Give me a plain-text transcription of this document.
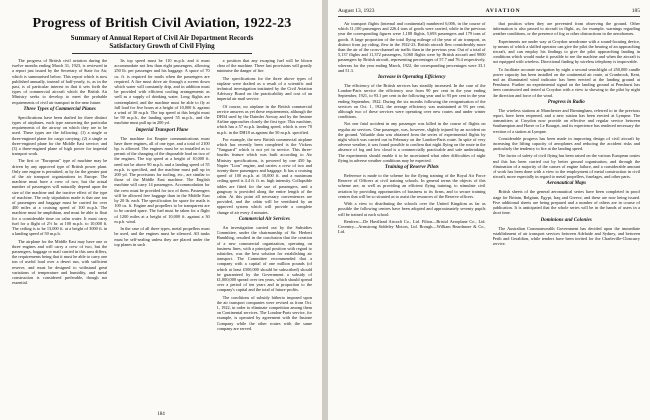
Progress of British Civil Aviation, 1922-23
Summary of Annual Report of Civil Air Department Records
Satisfactory Growth of Civil Flying

The progress of British civil aviation during the twelve months ending March 31, 1923, is reviewed in a report just issued by the Secretary of State for Air, which is summarised below. This report which is now published annually, instead of half-yearly, is, as in the past, is of particular interest in that it sets forth the types of commercial aircraft which the British Air Ministry seeks to develop to meet the probable requirements of civil air transport in the near future.

Three Types of Commercial Planes

Specifications have been drafted for three distinct types of airplanes, each type answering the particular requirements of the airway on which they are to be used. These types are the following: (1) a single or three-engined plane for cargo carrying; (2) a single or three-engined plane for the Middle East service; and (3) a three-engined plane of high power for imperial transport work.

The first or "European" type of machine may be driven by any approved type of British power plant. Only one engine is permitted, as by far the greater part of the air transport organizations in Europe. The machine must have a crew of two, but the actual number of passengers will naturally depend upon the size of the machine and the tractive effect of the type of machine. The only stipulation made is that one ton of passengers and baggage must be carried for over 400 miles at a cruising speed of 100 m.p.h. The machine must be amphibian, and must be able to float for a considerable time on calm water. It must carry fuel for a flight of 2½ hr. at 100 m.p.h. to 10,000 ft. The ceiling is to be 13,000 ft. at a height of 3000 ft. in a landing speed of 50 m.p.h.

The airplane for the Middle East may have one or three engines and will carry a crew of two, but the passengers, baggage or mail carried in this area differs, the requirements being that it must be able to carry one ton of useful load over a desert run, with sufficient reserve, and must be designed to withstand great variations of temperature and humidity, and metal construction is considered preferable, though not essential.

Its top speed must be 110 m.p.h. and it must accommodate not less than eight passengers, allowing 250 lb. per passenger and his baggage. A space of 70 cu. ft. is required for mails when the passengers are required. A fire must drive air through a screen down which water will constantly drip, and in addition must be provided with efficient cooling arrangements as well as a supply of drinking water. Long flights are contemplated, and the machine must be able to fly at full load for five hours at a height of 10,000 ft. against a wind of 30 m.p.h. The top speed at this height must be 90 m.p.h., the landing speed 55 m.p.h., and the machine must pull up in 200 yd.

Imperial Transport Plane

The machine for Empire communications must have three engines, all of one type, and a total of 2100 hp. is allowed. The engines must be so installed as to permit of the changing of the disposable load on two of the engines. The top speed at a height of 10,000 ft. need not be above 90 m.p.h. and a landing speed of 55 m.p.h. is specified, and the machine must pull up in 200 yd. The provisions for tooling, etc., are similar to those of the Middle East machine. The English machine will carry 14 passengers. Accommodation for the crew must be provided for two of them. Passengers will be allowed free baggage than in the Middle East by 20 lb. each. The specification for space for mails is 100 cu. ft. Engine and propellers to be transparent are to be carried spare. The fuel must be taken for a flight of 1200 miles at a height of 10,000 ft. against a 30 m.p.h. wind.

In the case of all three types, metal propellers must be used, and the engines must be silenced. All tanks must be self-sealing unless they are placed under the top planes in such

a position that any escaping fuel will be blown clear of the machine. There last provisions will greatly minimise the danger of fire.

The specifications for the three above types of airplane were drafted as a result of a scientific and technical investigation instituted by the Civil Aviation Advisory Board on the practicability and cost of an imperial air mail service.

Of course, no airplane in the British commercial service answers as yet these requirements, although the DH34 used by the Daimler Airway and by the Instone Airline approaches closely the first type. This machine, which has a 57 m.p.h. landing speed, which is over 70 m.p.h. in the DH18 as against the 50 m.p.h. specified.

For example, the new British commercial airplane which has recently been completed is the Vickers "Vanguard" which is not yet in service. This three-fourths feature which was built according to Air Ministry specifications, is powered by one 450 hp. Napier "Lion" engine, and carries a crew of two and twenty-three passengers and baggage. It has a cruising speed of 100 m.p.h. at 10,000 ft. and a maximum ceiling speed is 4.4 ft. ft. m. high intensity. Collapsible tables are fitted for the use of passengers, and a gangway is provided along the entire length of the cabin. At this point all necessary conveniences are provided, and the cabin will be ventilated by an approved system which will provide a complete change of air every 4 minutes.

Commercial Air Services

An investigation carried out by the Subsidies Committee, under the chairmanship of Sir. Herbert Hambling, resulted in the conclusion that the creation of a new commercial organization, operating on business lines, with a principal position with regard to subsidies, was the best solution for establishing air transport. The Committee recommended that a company with a capital of one million pounds (of which at least £500,000 should be subscribed) should be guaranteed by the Government a subsidy of £1,000,000 spread over ten years, which should spread over a period of ten years and in proportion to the company's capital and the total of future profits.

The conditions of subsidy hitherto imposed upon the air transport companies were revised as from Oct. 1, 1922, in order to eliminate competition among them on Continental services. The London-Paris service, for example, is operated by agreement with the Instone Company while the other routes with the same company are served.

184
August 13, 1923	AVIATION	185

Air transport flights (internal and continental) numbered 6,006, in the course of which 11,100 passengers and 226.4 tons of goods were carried, while in the previous year the corresponding figures were 1,188 flights, 5,693 passengers and 179 tons of goods. A large proportion of the total flying mileage of the year of air transport, as distinct from joy riding, flew in the 1922-23. British aircraft flew considerably more than the air of the cross-channel air traffic than in the previous year. Out of a total of 5,137 flights and 11,372 passengers, 5,060 flights were by British aircraft and 9000 passengers by British aircraft, representing percentages of 57.7 and 76.4 respectively, whereas for the year ending March, 1922, the corresponding percentages were 33.1 and 51.3.

Increase in Operating Efficiency

The efficiency of the British services has steadily increased. In the case of the London-Paris service the efficiency rose from 90 per cent in the year ending September, 1921, to 93.1 per cent in the following year and to 93 per cent in the year ending September, 1922. During the six months following the reorganisation of the services on Oct. 1, 1922, the average efficiency was maintained at 93 per cent, although two of these services were operating over new routes and under winter conditions.

Not one fatal accident in any passenger was killed in the course of flights on regular air services. One passenger, was, however, slightly injured by an accident on the ground. Valuable data was obtained from the series of experimental flights by night which was carried out in February on the London-Paris route. In spite of very adverse weather, it was found possible to confirm that night flying on the route in the absence of fog and low cloud is a commercially practicable and safe undertaking. The experiments should enable it to be ascertained what other difficulties of night flying in adverse weather conditions may be expected.

Training of Reserve Pilots

Reference is made to the scheme for the flying training of the Royal Air Force Reserve of Officers at civil training schools. In general terms the objects of this scheme are, as well as providing an efficient flying training, to stimulate civil aviation by providing opportunities of business to its firms, and to secure training centres that will be so situated as to assist the resources of the Reserve officers.

With a view to distributing the schools over the United Kingdom as far as possible the following centres have been adopted and approximately seventy pupils will be trained at each school:

Renfrew—De Havilland Aircraft Co., Ltd. Filton—Bristol Aeroplane Co., Ltd. Coventry—Armstrong Siddeley Motors, Ltd. Brough—William Beardmore & Co., Ltd.

that position when they are prevented from observing the ground. Other information is also passed to aircraft in flight, as, for example, warnings regarding weather conditions, or the presence of fog or other obstructions in the aerodromes.

Experiments are under way at Croydon aerodrome with a sound-locating device, by means of which a skilled operator can give the pilot the bearing of an approaching aircraft, and can employ his findings to give the pilot approaching landing in conditions which would make it possible to see the machine and when the aircraft is not equipped with wireless. Directional finding by wireless telephony is improvable.

To facilitate accurate navigation by night a second searchlight of 250,000 candle power capacity has been installed on the continental air route, at Cranbrook, Kent, and an illuminated wind indicator has been erected at the landing ground at Penshurst. Further an experimental signal on the landing ground at Penshurst has been constructed and tested at Croydon with a view to showing to the pilot by night the direction and force of the wind.

Progress in Radio

The wireless stations at Manchester and Birmingham, referred to in the previous report, have been reopened, and a new station has been erected at Lympne. The transmitters at Croydon now provide an effective and regular service between Southampton and Havre or Le Bourget, and its experience has rendered necessary the erection of a station at Lympne.

Considerable progress has been made in improving design of civil aircraft by increasing the lifting capacity of aeroplanes and reducing the accident risks and particularly the tendency to fire at the landing speed.

The factor of safety of civil flying has been raised on the various European routes and this has been carried out by better ground organisation, and through the elimination of a majority of the causes of engine failure, and a considerable amount of work has been done with a view to the employment of metal construction in civil aircraft, more especially in regard to metal propellers, fuselages, and other parts.

Aeronautical Maps

British sheets of the general aeronautical series have been completed in proof stage for Britain, Belgium, Egypt, Iraq and Greece, and these are now being issued. Five additional sheets are being prepared and a number of others are in course of publication. It is anticipated that the whole series will be in the hands of users in a short time.

Dominions and Colonies

The Australian Commonwealth Government has decided upon the immediate establishment of air transport services between Adelaide and Sydney, and between Perth and Geraldton, while tenders have been invited for the Charleville-Cloncurry service.
